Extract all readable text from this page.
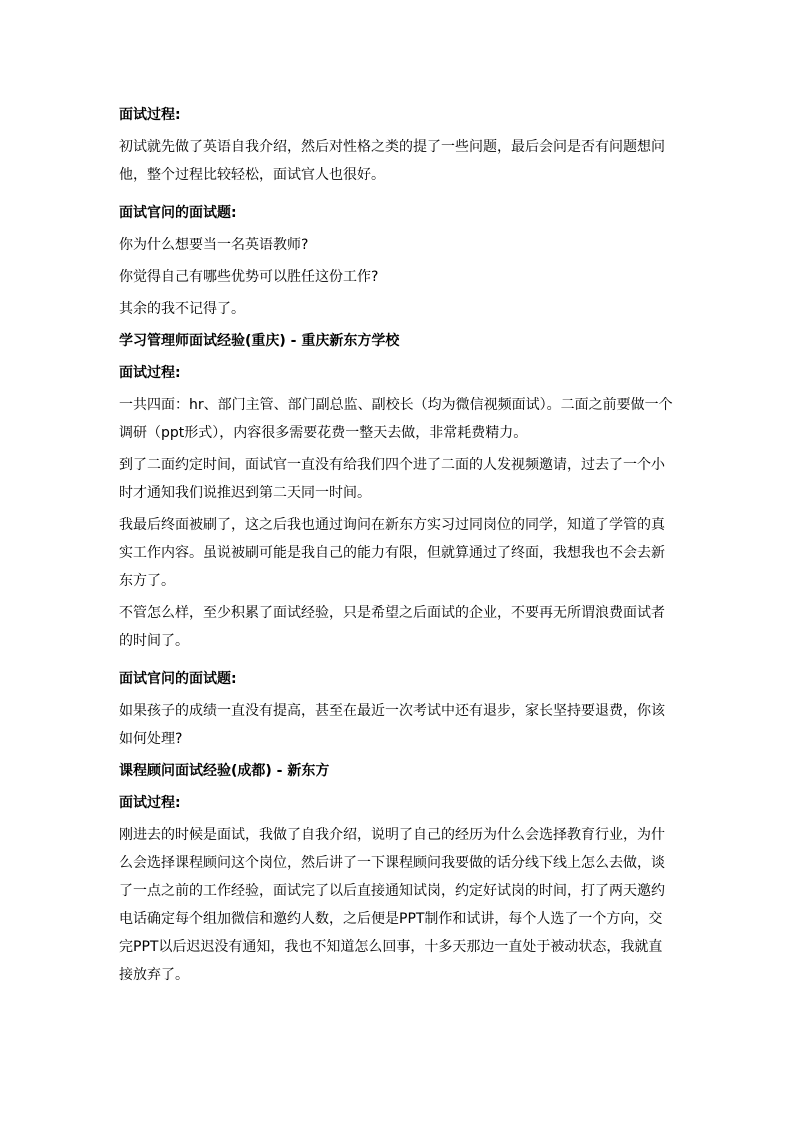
面试过程:

初试就先做了英语自我介绍，然后对性格之类的提了一些问题，最后会问是否有问题想问他，整个过程比较轻松，面试官人也很好。

面试官问的面试题:

你为什么想要当一名英语教师?

你觉得自己有哪些优势可以胜任这份工作?

其余的我不记得了。

学习管理师面试经验(重庆) - 重庆新东方学校

面试过程:

一共四面：hr、部门主管、部门副总监、副校长（均为微信视频面试）。二面之前要做一个调研（ppt形式），内容很多需要花费一整天去做，非常耗费精力。

到了二面约定时间，面试官一直没有给我们四个进了二面的人发视频邀请，过去了一个小时才通知我们说推迟到第二天同一时间。

我最后终面被刷了，这之后我也通过询问在新东方实习过同岗位的同学，知道了学管的真实工作内容。虽说被刷可能是我自己的能力有限，但就算通过了终面，我想我也不会去新东方了。

不管怎么样，至少积累了面试经验，只是希望之后面试的企业，不要再无所谓浪费面试者的时间了。

面试官问的面试题:

如果孩子的成绩一直没有提高，甚至在最近一次考试中还有退步，家长坚持要退费，你该如何处理?

课程顾问面试经验(成都) - 新东方

面试过程:

刚进去的时候是面试，我做了自我介绍，说明了自己的经历为什么会选择教育行业，为什么会选择课程顾问这个岗位，然后讲了一下课程顾问我要做的话分线下线上怎么去做，谈了一点之前的工作经验，面试完了以后直接通知试岗，约定好试岗的时间，打了两天邀约电话确定每个组加微信和邀约人数，之后便是PPT制作和试讲，每个人选了一个方向，交完PPT以后迟迟没有通知，我也不知道怎么回事，十多天那边一直处于被动状态，我就直接放弃了。
